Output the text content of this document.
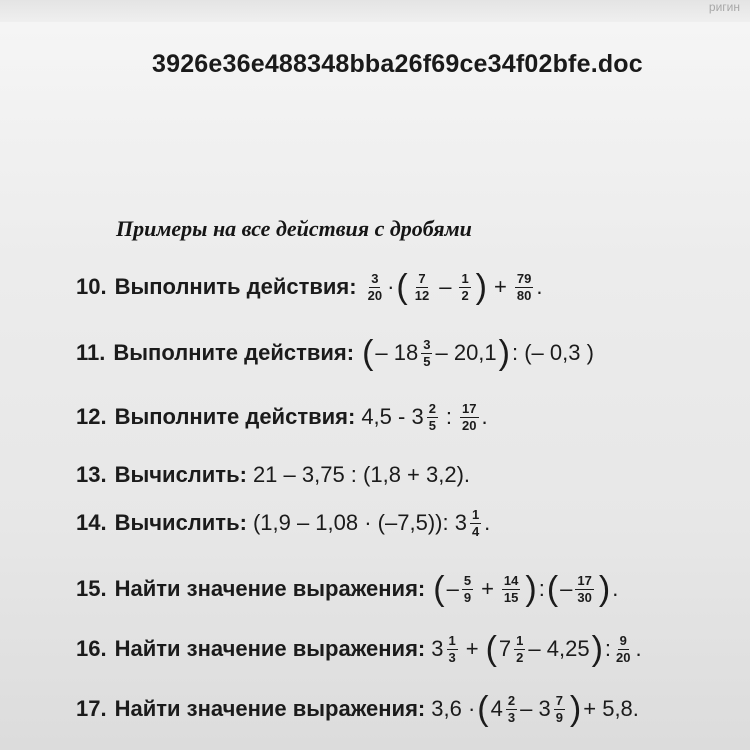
ригин
3926e36e488348bba26f69ce34f02bfe.doc
Примеры на все действия с дробями
10. Выполнить действия: $\frac{3}{20}$ · ( $\frac{7}{12} - \frac{1}{2}$ ) + $\frac{79}{80}$ .
11. Выполните действия: ( – $18 \frac{3}{5} - 20,1$ ) : (– 0,3 )
12. Выполните действия: $4,5 - 3 \frac{2}{5}$ : $\frac{17}{20}$ .
13. Вычислить: 21 – 3,75 : (1,8 + 3,2).
14. Вычислить: (1,9 – 1,08 · (–7,5)): $3 \frac{1}{4}$ .
15. Найти значение выражения: ( – $\frac{5}{9} + \frac{14}{15}$ ) : ( – $\frac{17}{30}$ ) .
16. Найти значение выражения: $3 \frac{1}{3}$ + ( $7 \frac{1}{2} - 4,25$ ) : $\frac{9}{20}$ .
17. Найти значение выражения: 3,6 · ( $4 \frac{2}{3} - 3 \frac{7}{9}$ ) + 5,8.
